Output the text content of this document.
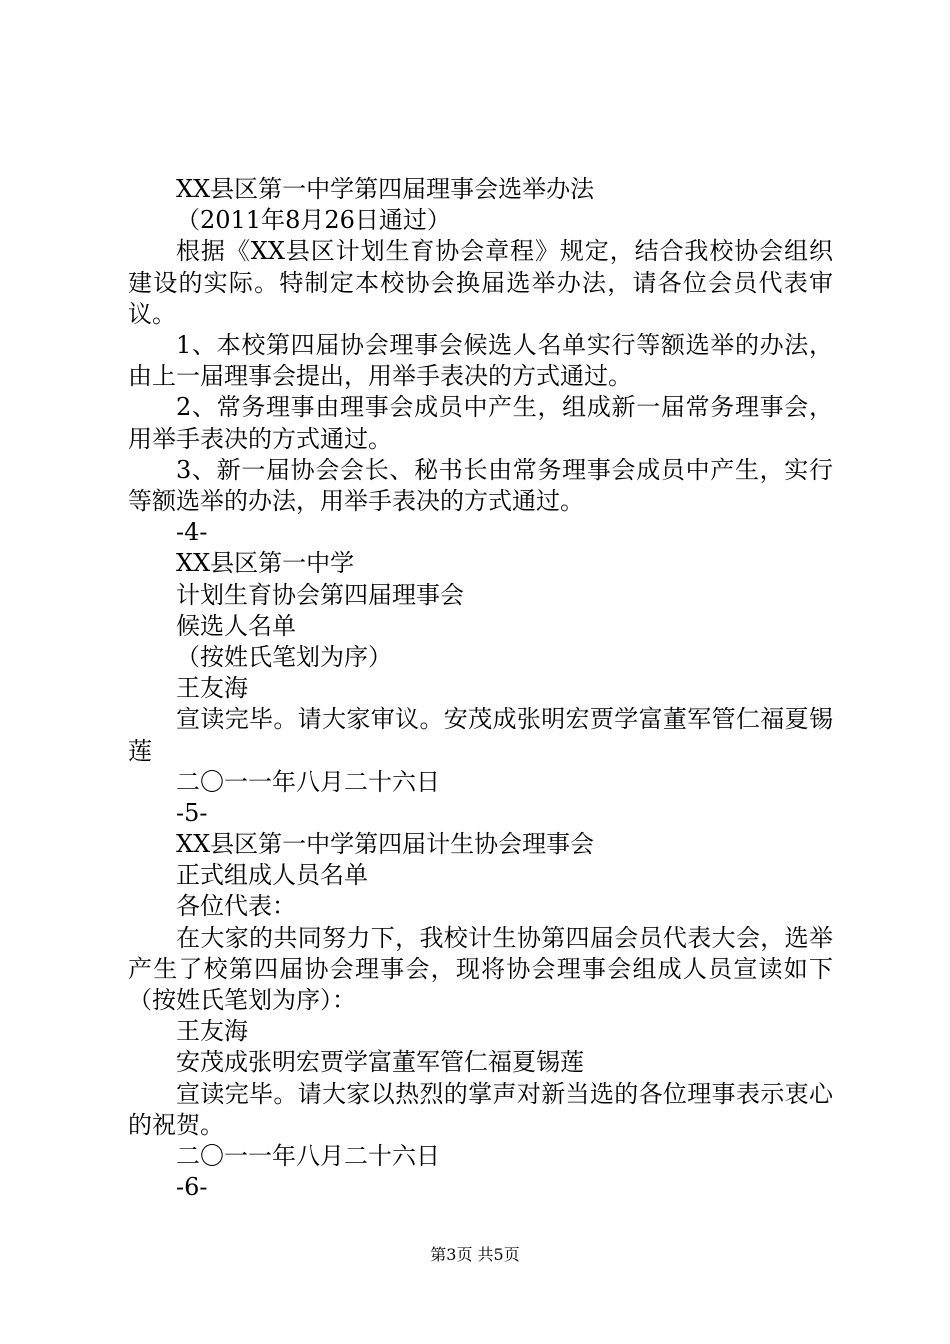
XX县区第一中学第四届理事会选举办法
（2011年8月26日通过）
根据《XX县区计划生育协会章程》规定，结合我校协会组织建设的实际。特制定本校协会换届选举办法，请各位会员代表审议。
1、本校第四届协会理事会候选人名单实行等额选举的办法，由上一届理事会提出，用举手表决的方式通过。
2、常务理事由理事会成员中产生，组成新一届常务理事会，用举手表决的方式通过。
3、新一届协会会长、秘书长由常务理事会成员中产生，实行等额选举的办法，用举手表决的方式通过。
-4-
XX县区第一中学
计划生育协会第四届理事会
候选人名单
（按姓氏笔划为序）
王友海
宣读完毕。请大家审议。安茂成张明宏贾学富董军管仁福夏锡莲
二〇一一年八月二十六日
-5-
XX县区第一中学第四届计生协会理事会
正式组成人员名单
各位代表：
在大家的共同努力下，我校计生协第四届会员代表大会，选举产生了校第四届协会理事会，现将协会理事会组成人员宣读如下（按姓氏笔划为序）：
王友海
安茂成张明宏贾学富董军管仁福夏锡莲
宣读完毕。请大家以热烈的掌声对新当选的各位理事表示衷心的祝贺。
二〇一一年八月二十六日
-6-
第3页 共5页
